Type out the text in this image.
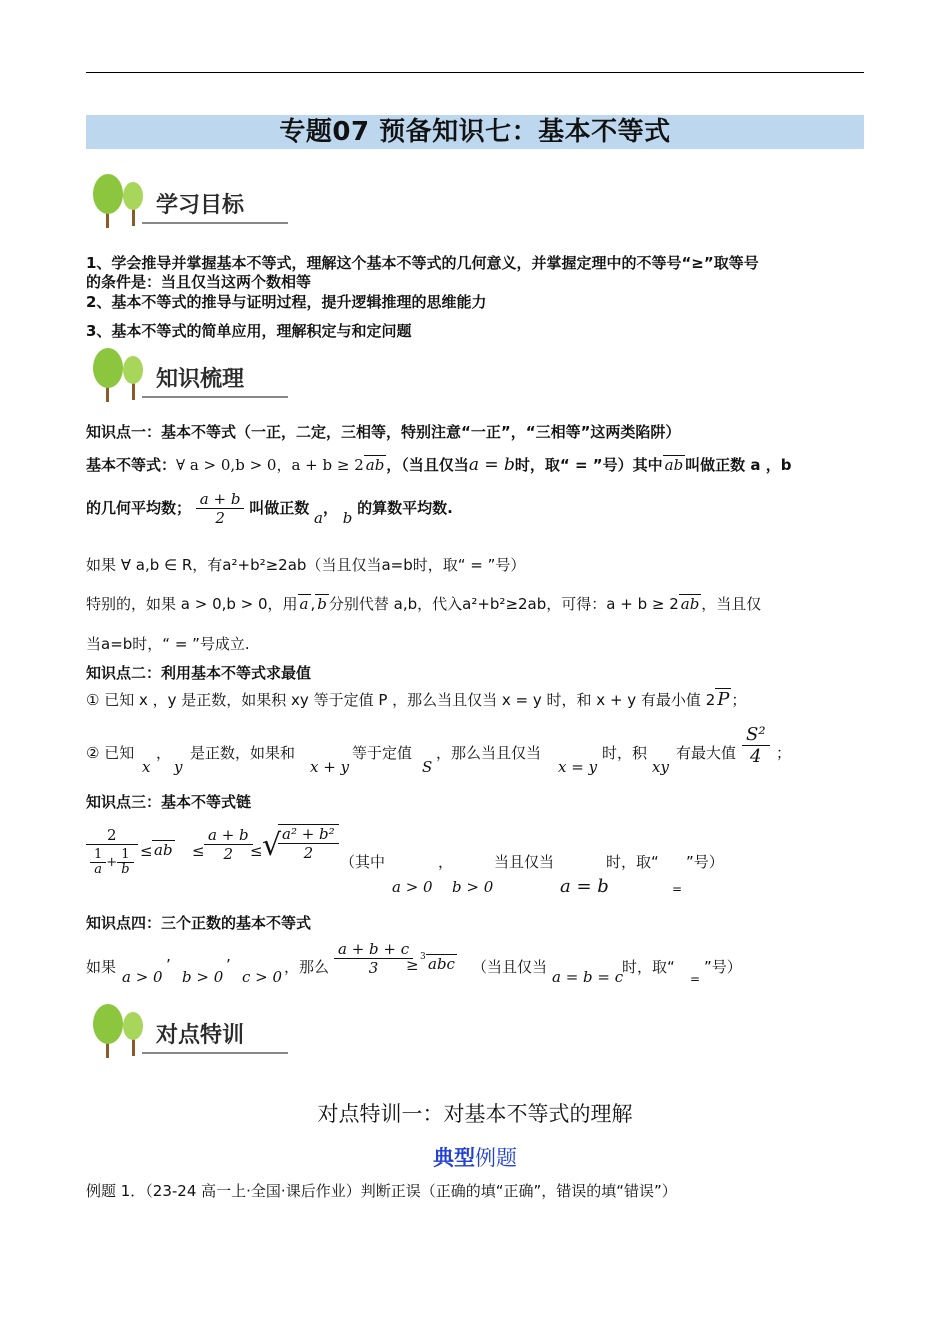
专题07 预备知识七：基本不等式
学习目标
1、学会推导并掌握基本不等式，理解这个基本不等式的几何意义，并掌握定理中的不等号“≥”取等号
的条件是：当且仅当这两个数相等
2、基本不等式的推导与证明过程，提升逻辑推理的思维能力
3、基本不等式的简单应用，理解积定与和定问题
知识梳理
知识点一：基本不等式（一正，二定，三相等，特别注意“一正”，“三相等”这两类陷阱）
基本不等式：∀ a > 0,b > 0，a + b ≥ 2 ab ，（当且仅当a = b时，取“ = ”号）其中 ab 叫做正数 a ，b
的几何平均数； $\frac{a + b}{2}$ 叫做正数 a， b 的算数平均数.
如果 ∀ a,b ∈ R，有a²+b²≥2ab（当且仅当a=b时，取“ = ”号）
特别的，如果 a > 0,b > 0，用 a , b 分别代替 a,b，代入a²+b²≥2ab，可得：a + b ≥ 2 ab ，当且仅
当a=b时，“ = ”号成立.
知识点二：利用基本不等式求最值
① 已知 x ，y 是正数，如果积 xy 等于定值 P ，那么当且仅当 x = y 时，和 x + y 有最小值 2 P ；
② 已知
x
，
y
是正数，如果和
x + y
等于定值
S
，那么当且仅当
x = y
时，积
xy
有最大值 $\frac{\text{S²}}{4}$ ；
知识点三：基本不等式链
$\frac{2}{\frac{1}{a} + \frac{1}{b}}$ ≤ ab ≤ $\frac{a + b}{2}$
≤ √
$\frac{\text{a² + b²}}{2}$ （其中
a > 0
，
b > 0
当且仅当
a = b
时，取“
=
”号）
知识点四：三个正数的基本不等式
如果
a > 0
’
b > 0
’
c > 0
，那么 $\frac{a + b + c}{3}$
≥ 3 abc （当且仅当
a = b = c
时，取“
=
”号）
对点特训
对点特训一：对基本不等式的理解
典型例题
例题 1．（23-24 高一上·全国·课后作业）判断正误（正确的填“正确”，错误的填“错误”）
